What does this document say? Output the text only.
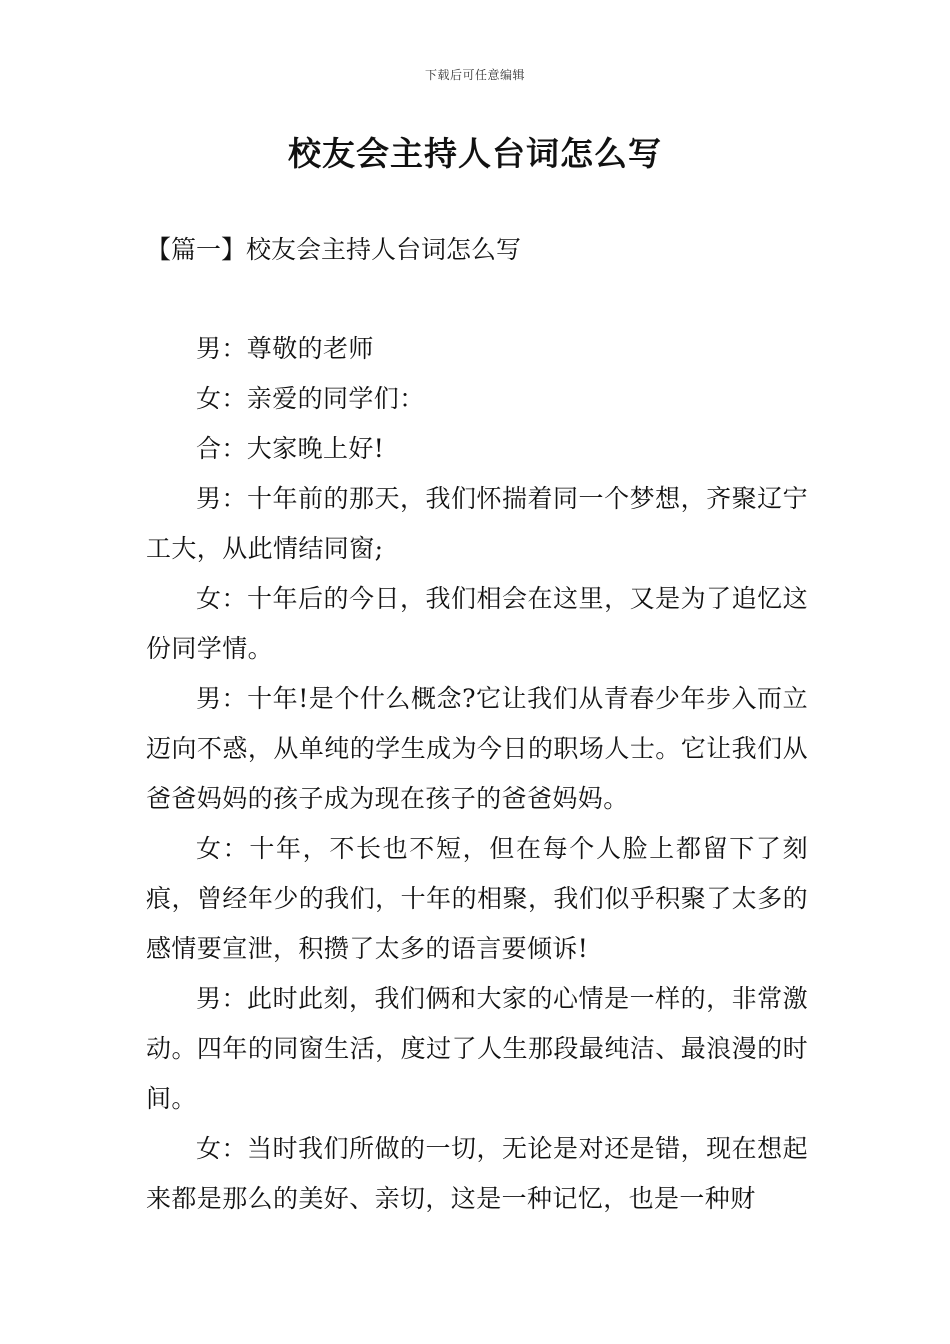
下载后可任意编辑
校友会主持人台词怎么写
【篇一】校友会主持人台词怎么写

男：尊敬的老师

女：亲爱的同学们：

合：大家晚上好!

男：十年前的那天，我们怀揣着同一个梦想，齐聚辽宁工大，从此情结同窗;

女：十年后的今日，我们相会在这里，又是为了追忆这份同学情。

男：十年!是个什么概念?它让我们从青春少年步入而立迈向不惑，从单纯的学生成为今日的职场人士。它让我们从爸爸妈妈的孩子成为现在孩子的爸爸妈妈。

女：十年，不长也不短，但在每个人脸上都留下了刻痕，曾经年少的我们，十年的相聚，我们似乎积聚了太多的感情要宣泄，积攒了太多的语言要倾诉!

男：此时此刻，我们俩和大家的心情是一样的，非常激动。四年的同窗生活，度过了人生那段最纯洁、最浪漫的时间。

女：当时我们所做的一切，无论是对还是错，现在想起来都是那么的美好、亲切，这是一种记忆，也是一种财
